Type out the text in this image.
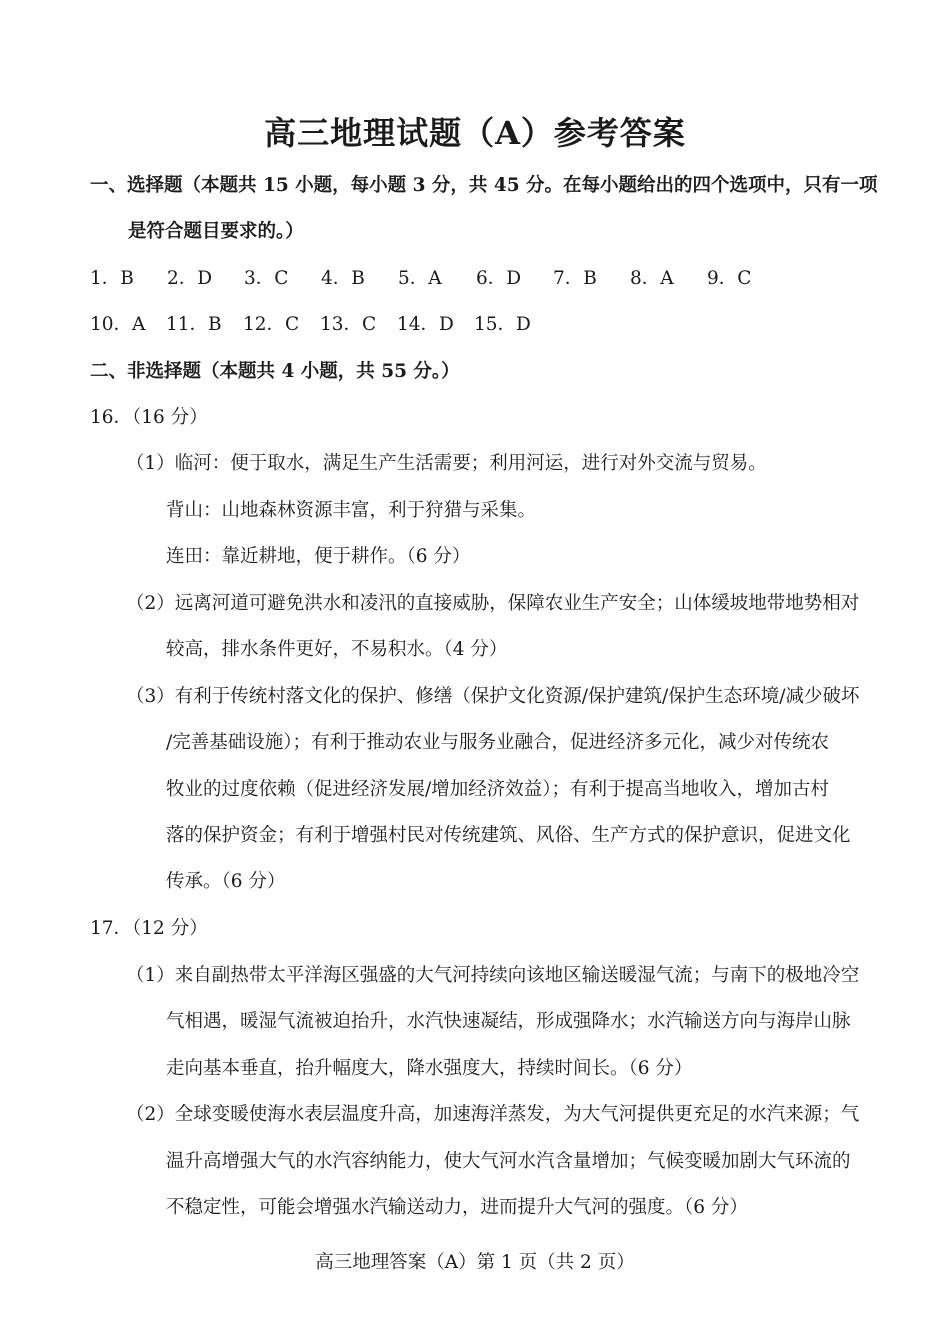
高三地理试题（A）参考答案
一、选择题（本题共 15 小题，每小题 3 分，共 45 分。在每小题给出的四个选项中，只有一项
是符合题目要求的。）
1．B 2．D 3．C 4．B 5．A 6．D 7．B 8．A 9．C
10．A 11．B 12．C 13．C 14．D 15．D
二、非选择题（本题共 4 小题，共 55 分。）
16．（16 分）
（1）临河：便于取水，满足生产生活需要；利用河运，进行对外交流与贸易。
背山：山地森林资源丰富，利于狩猎与采集。
连田：靠近耕地，便于耕作。（6 分）
（2）远离河道可避免洪水和凌汛的直接威胁，保障农业生产安全；山体缓坡地带地势相对
较高，排水条件更好，不易积水。（4 分）
（3）有利于传统村落文化的保护、修缮（保护文化资源/保护建筑/保护生态环境/减少破坏
/完善基础设施）；有利于推动农业与服务业融合，促进经济多元化，减少对传统农
牧业的过度依赖（促进经济发展/增加经济效益）；有利于提高当地收入，增加古村
落的保护资金；有利于增强村民对传统建筑、风俗、生产方式的保护意识，促进文化
传承。（6 分）
17．（12 分）
（1）来自副热带太平洋海区强盛的大气河持续向该地区输送暖湿气流；与南下的极地冷空
气相遇，暖湿气流被迫抬升，水汽快速凝结，形成强降水；水汽输送方向与海岸山脉
走向基本垂直，抬升幅度大，降水强度大，持续时间长。（6 分）
（2）全球变暖使海水表层温度升高，加速海洋蒸发，为大气河提供更充足的水汽来源；气
温升高增强大气的水汽容纳能力，使大气河水汽含量增加；气候变暖加剧大气环流的
不稳定性，可能会增强水汽输送动力，进而提升大气河的强度。（6 分）
高三地理答案（A）第 1 页（共 2 页）
